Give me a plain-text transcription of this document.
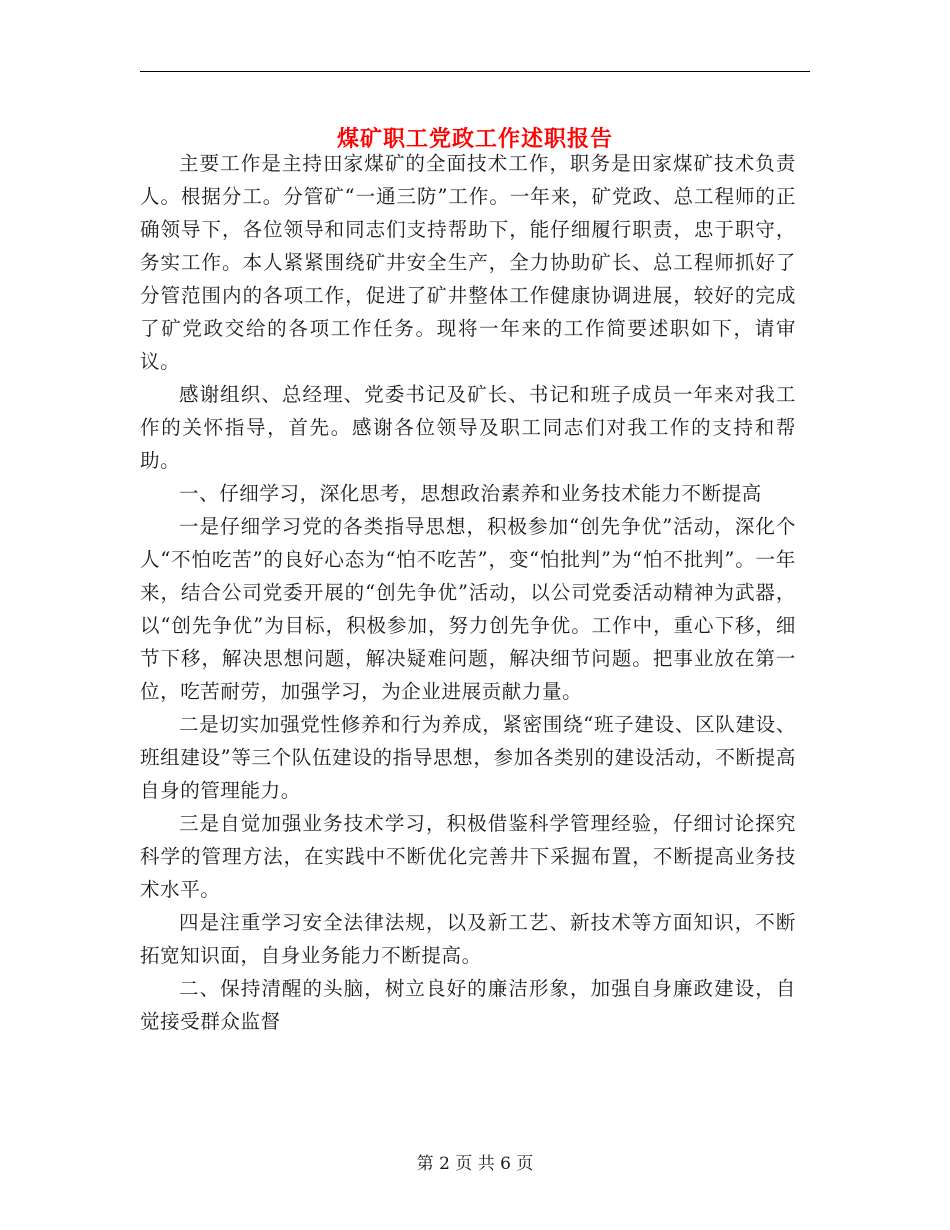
煤矿职工党政工作述职报告

主要工作是主持田家煤矿的全面技术工作，职务是田家煤矿技术负责人。根据分工。分管矿“一通三防”工作。一年来，矿党政、总工程师的正确领导下，各位领导和同志们支持帮助下，能仔细履行职责，忠于职守，务实工作。本人紧紧围绕矿井安全生产，全力协助矿长、总工程师抓好了分管范围内的各项工作，促进了矿井整体工作健康协调进展，较好的完成了矿党政交给的各项工作任务。现将一年来的工作简要述职如下，请审议。

感谢组织、总经理、党委书记及矿长、书记和班子成员一年来对我工作的关怀指导，首先。感谢各位领导及职工同志们对我工作的支持和帮助。

一、仔细学习，深化思考，思想政治素养和业务技术能力不断提高

一是仔细学习党的各类指导思想，积极参加“创先争优”活动，深化个人“不怕吃苦”的良好心态为“怕不吃苦”，变“怕批判”为“怕不批判”。一年来，结合公司党委开展的“创先争优”活动，以公司党委活动精神为武器，以“创先争优”为目标，积极参加，努力创先争优。工作中，重心下移，细节下移，解决思想问题，解决疑难问题，解决细节问题。把事业放在第一位，吃苦耐劳，加强学习，为企业进展贡献力量。

二是切实加强党性修养和行为养成，紧密围绕“班子建设、区队建设、班组建设”等三个队伍建设的指导思想，参加各类别的建设活动，不断提高自身的管理能力。

三是自觉加强业务技术学习，积极借鉴科学管理经验，仔细讨论探究科学的管理方法，在实践中不断优化完善井下采掘布置，不断提高业务技术水平。

四是注重学习安全法律法规，以及新工艺、新技术等方面知识，不断拓宽知识面，自身业务能力不断提高。

二、保持清醒的头脑，树立良好的廉洁形象，加强自身廉政建设，自觉接受群众监督

第 2 页 共 6 页
